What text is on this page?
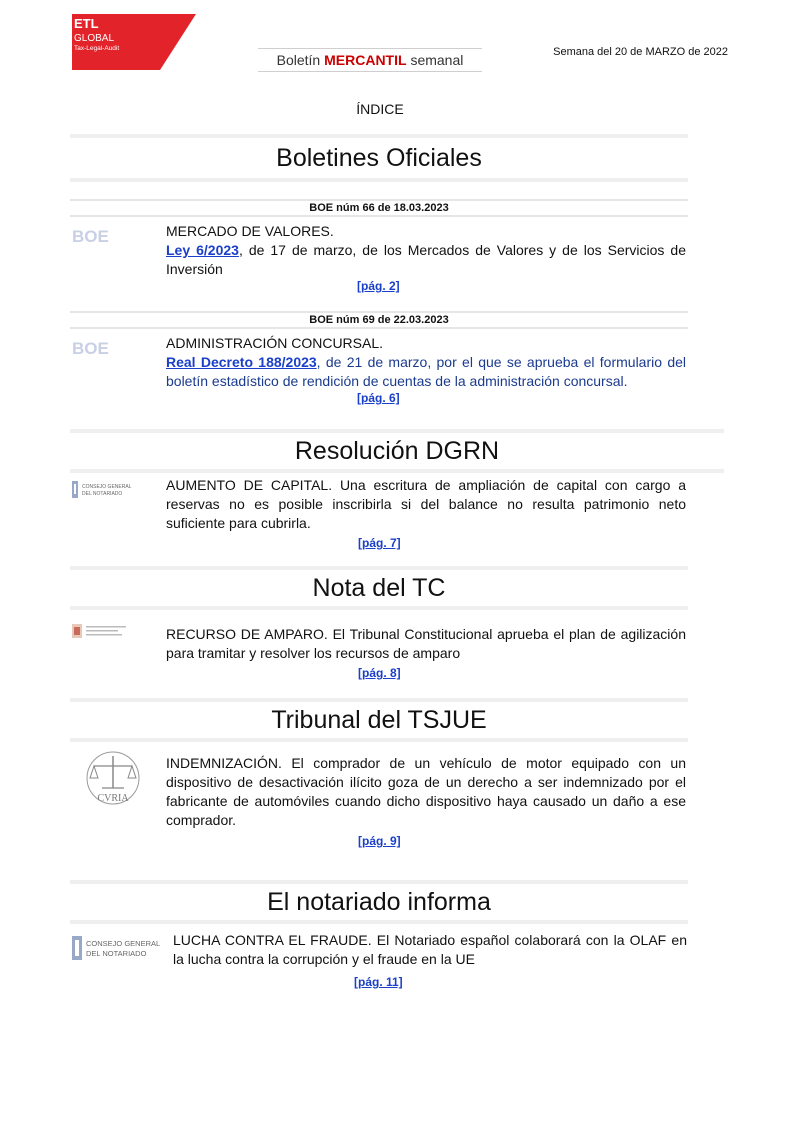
ETL
GLOBAL
Tax-Legal-Audit
Boletín MERCANTIL semanal	Semana del 20 de MARZO de 2022
ÍNDICE
Boletines Oficiales
BOE núm 66 de 18.03.2023
BOE	MERCADO DE VALORES.
Ley 6/2023, de 17 de marzo, de los Mercados de Valores y de los Servicios de Inversión
[pág. 2]
BOE núm 69 de 22.03.2023
BOE	ADMINISTRACIÓN CONCURSAL.
Real Decreto 188/2023, de 21 de marzo, por el que se aprueba el formulario del boletín estadístico de rendición de cuentas de la administración concursal.
[pág. 6]
Resolución DGRN
CONSEJO GENERAL
DEL NOTARIADO
AUMENTO DE CAPITAL. Una escritura de ampliación de capital con cargo a reservas no es posible inscribirla si del balance no resulta patrimonio neto suficiente para cubrirla.
[pág. 7]
Nota del TC
RECURSO DE AMPARO. El Tribunal Constitucional aprueba el plan de agilización para tramitar y resolver los recursos de amparo
[pág. 8]
Tribunal del TSJUE
CVRIA
INDEMNIZACIÓN. El comprador de un vehículo de motor equipado con un dispositivo de desactivación ilícito goza de un derecho a ser indemnizado por el fabricante de automóviles cuando dicho dispositivo haya causado un daño a ese comprador.
[pág. 9]
El notariado informa
CONSEJO GENERAL
DEL NOTARIADO
LUCHA CONTRA EL FRAUDE. El Notariado español colaborará con la OLAF en la lucha contra la corrupción y el fraude en la UE
[pág. 11]
